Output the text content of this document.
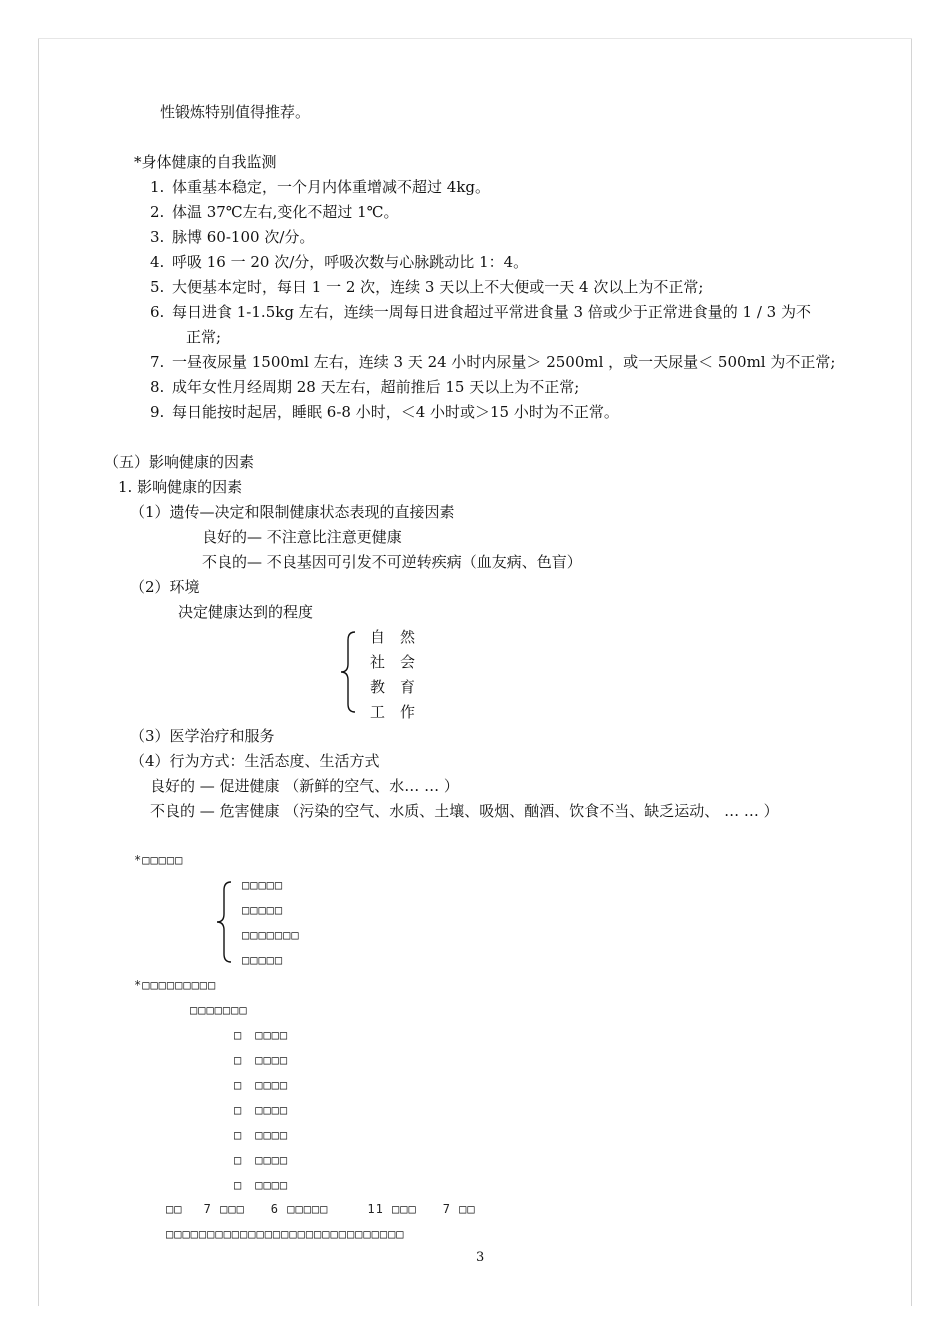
性锻炼特别值得推荐。
*身体健康的自我监测
1. 体重基本稳定，一个月内体重增减不超过 4kg。
2. 体温 37℃左右,变化不超过 1℃。
3. 脉博 60-100 次/分。
4. 呼吸 16 一 20 次/分，呼吸次数与心脉跳动比 1：4。
5. 大便基本定时，每日 1 一 2 次，连续 3 天以上不大便或一天 4 次以上为不正常;
6. 每日进食 1-1.5kg 左右，连续一周每日进食超过平常进食量 3 倍或少于正常进食量的 1 / 3 为不
正常;
7. 一昼夜尿量 1500ml 左右，连续 3 天 24 小时内尿量＞ 2500ml ，或一天尿量＜ 500ml 为不正常;
8. 成年女性月经周期 28 天左右，超前推后 15 天以上为不正常;
9. 每日能按时起居，睡眠 6-8 小时，＜4 小时或＞15 小时为不正常。
（五）影响健康的因素
1. 影响健康的因素
（1）遗传—决定和限制健康状态表现的直接因素
良好的— 不注意比注意更健康
不良的— 不良基因可引发不可逆转疾病（血友病、色盲）
（2）环境
决定健康达到的程度
自　然
社　会
教　育
工　作
（3）医学治疗和服务
（4）行为方式：生活态度、生活方式
良好的 — 促进健康 （新鲜的空气、水… … ）
不良的 — 危害健康 （污染的空气、水质、土壤、吸烟、酗酒、饮食不当、缺乏运动、 … … ）
*□□□□□
□□□□□
□□□□□
□□□□□□□
□□□□□
*□□□□□□□□□
□□□□□□□
□　□□□□
□　□□□□
□　□□□□
□　□□□□
□　□□□□
□　□□□□
□　□□□□
□□　 7 □□□　　6 □□□□□　　　11 □□□　　7 □□
□□□□□□□□□□□□□□□□□□□□□□□□□□□□□
3
